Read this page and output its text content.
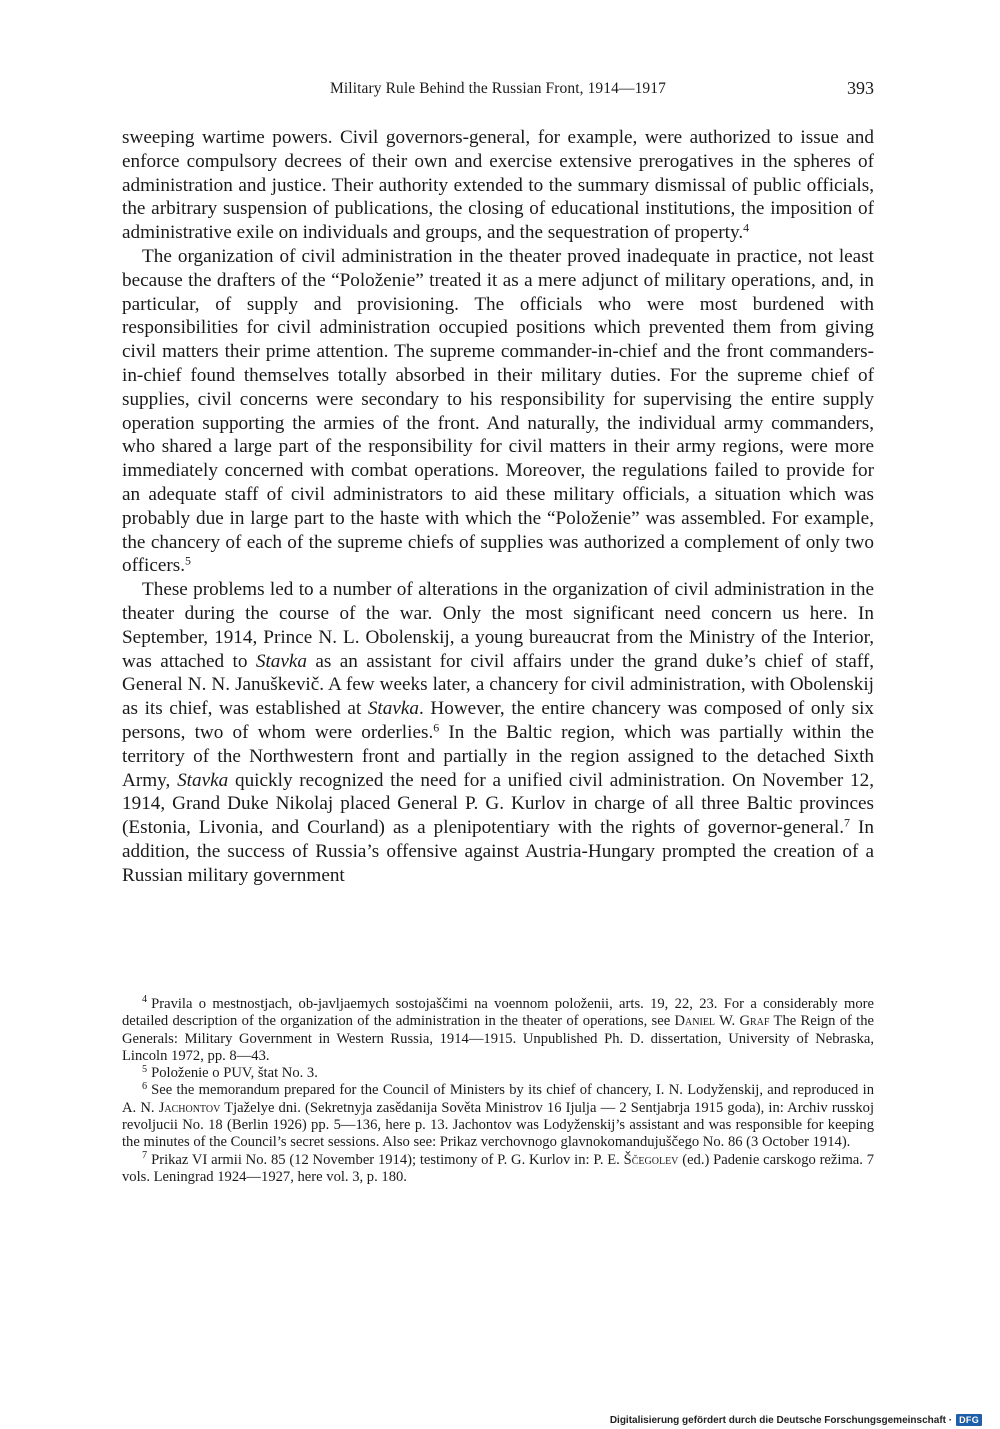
Military Rule Behind the Russian Front, 1914—1917	393

sweeping wartime powers. Civil governors-general, for example, were authorized to issue and enforce compulsory decrees of their own and exercise extensive prerogatives in the spheres of administration and justice. Their authority extended to the summary dismissal of public officials, the arbitrary suspension of publications, the closing of educational institutions, the imposition of administrative exile on individuals and groups, and the sequestration of property.$^4$

The organization of civil administration in the theater proved inadequate in practice, not least because the drafters of the “Položenie” treated it as a mere adjunct of military operations, and, in particular, of supply and provisioning. The officials who were most burdened with responsibilities for civil administration occupied positions which prevented them from giving civil matters their prime attention. The supreme commander-in-chief and the front commanders-in-chief found themselves totally absorbed in their military duties. For the supreme chief of supplies, civil concerns were secondary to his responsibility for supervising the entire supply operation supporting the armies of the front. And naturally, the individual army commanders, who shared a large part of the responsibility for civil matters in their army regions, were more immediately concerned with combat operations. Moreover, the regulations failed to provide for an adequate staff of civil administrators to aid these military officials, a situation which was probably due in large part to the haste with which the “Položenie” was assembled. For example, the chancery of each of the supreme chiefs of supplies was authorized a complement of only two officers.$^5$

These problems led to a number of alterations in the organization of civil administration in the theater during the course of the war. Only the most significant need concern us here. In September, 1914, Prince N. L. Obolenskij, a young bureaucrat from the Ministry of the Interior, was attached to Stavka as an assistant for civil affairs under the grand duke’s chief of staff, General N. N. Januškevič. A few weeks later, a chancery for civil administration, with Obolenskij as its chief, was established at Stavka. However, the entire chancery was composed of only six persons, two of whom were orderlies.$^6$ In the Baltic region, which was partially within the territory of the Northwestern front and partially in the region assigned to the detached Sixth Army, Stavka quickly recognized the need for a unified civil administration. On November 12, 1914, Grand Duke Nikolaj placed General P. G. Kurlov in charge of all three Baltic provinces (Estonia, Livonia, and Courland) as a plenipotentiary with the rights of governor-general.$^7$ In addition, the success of Russia’s offensive against Austria-Hungary prompted the creation of a Russian military government

$^4$ Pravila o mestnostjach, ob-javljaemych sostojaščimi na voennom položenii, arts. 19, 22, 23. For a considerably more detailed description of the organization of the administration in the theater of operations, see Daniel W. Graf The Reign of the Generals: Military Government in Western Russia, 1914—1915. Unpublished Ph. D. dissertation, University of Nebraska, Lincoln 1972, pp. 8—43.

$^5$ Položenie o PUV, štat No. 3.

$^6$ See the memorandum prepared for the Council of Ministers by its chief of chancery, I. N. Lodyženskij, and reproduced in A. N. Jachontov Tjaželye dni. (Sekretnyja zasědanija Sověta Ministrov 16 Ijulja — 2 Sentjabrja 1915 goda), in: Archiv russkoj revoljucii No. 18 (Berlin 1926) pp. 5—136, here p. 13. Jachontov was Lodyženskij’s assistant and was responsible for keeping the minutes of the Council’s secret sessions. Also see: Prikaz verchovnogo glavnokomandujuščego No. 86 (3 October 1914).

$^7$ Prikaz VI armii No. 85 (12 November 1914); testimony of P. G. Kurlov in: P. E. Ščegolev (ed.) Padenie carskogo režima. 7 vols. Leningrad 1924—1927, here vol. 3, p. 180.

Digitalisierung gefördert durch die Deutsche Forschungsgemeinschaft · DFG
